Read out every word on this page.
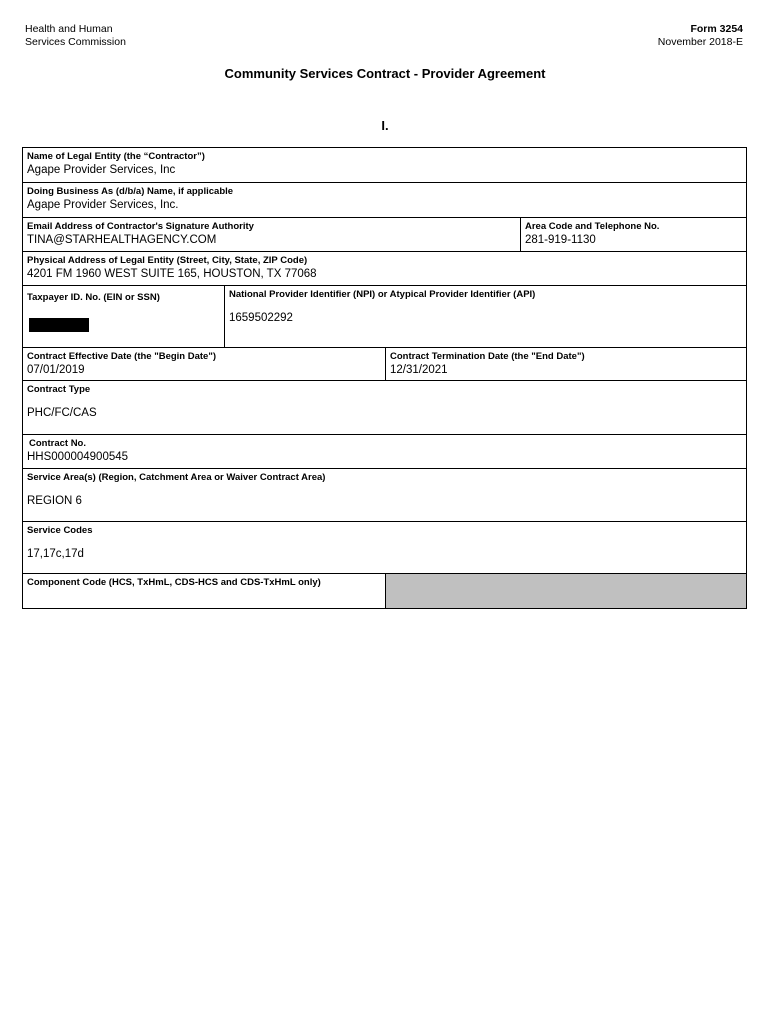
Health and Human
Services Commission
Form 3254
November 2018-E
Community Services Contract - Provider Agreement
I.
Name of Legal Entity (the “Contractor”)
Agape Provider Services, Inc
Doing Business As (d/b/a) Name, if applicable
Agape Provider Services, Inc.
Email Address of Contractor's Signature Authority
TINA@STARHEALTHAGENCY.COM
Area Code and Telephone No.
281-919-1130
Physical Address of Legal Entity (Street, City, State, ZIP Code)
4201 FM 1960 WEST SUITE 165, HOUSTON, TX 77068
Taxpayer ID. No. (EIN or SSN)	National Provider Identifier (NPI) or Atypical Provider Identifier (API)
1659502292
Contract Effective Date (the "Begin Date")
07/01/2019
Contract Termination Date (the "End Date")
12/31/2021
Contract Type
PHC/FC/CAS
Contract No.
HHS000004900545
Service Area(s) (Region, Catchment Area or Waiver Contract Area)
REGION 6
Service Codes
17,17c,17d
Component Code (HCS, TxHmL, CDS-HCS and CDS-TxHmL only)
